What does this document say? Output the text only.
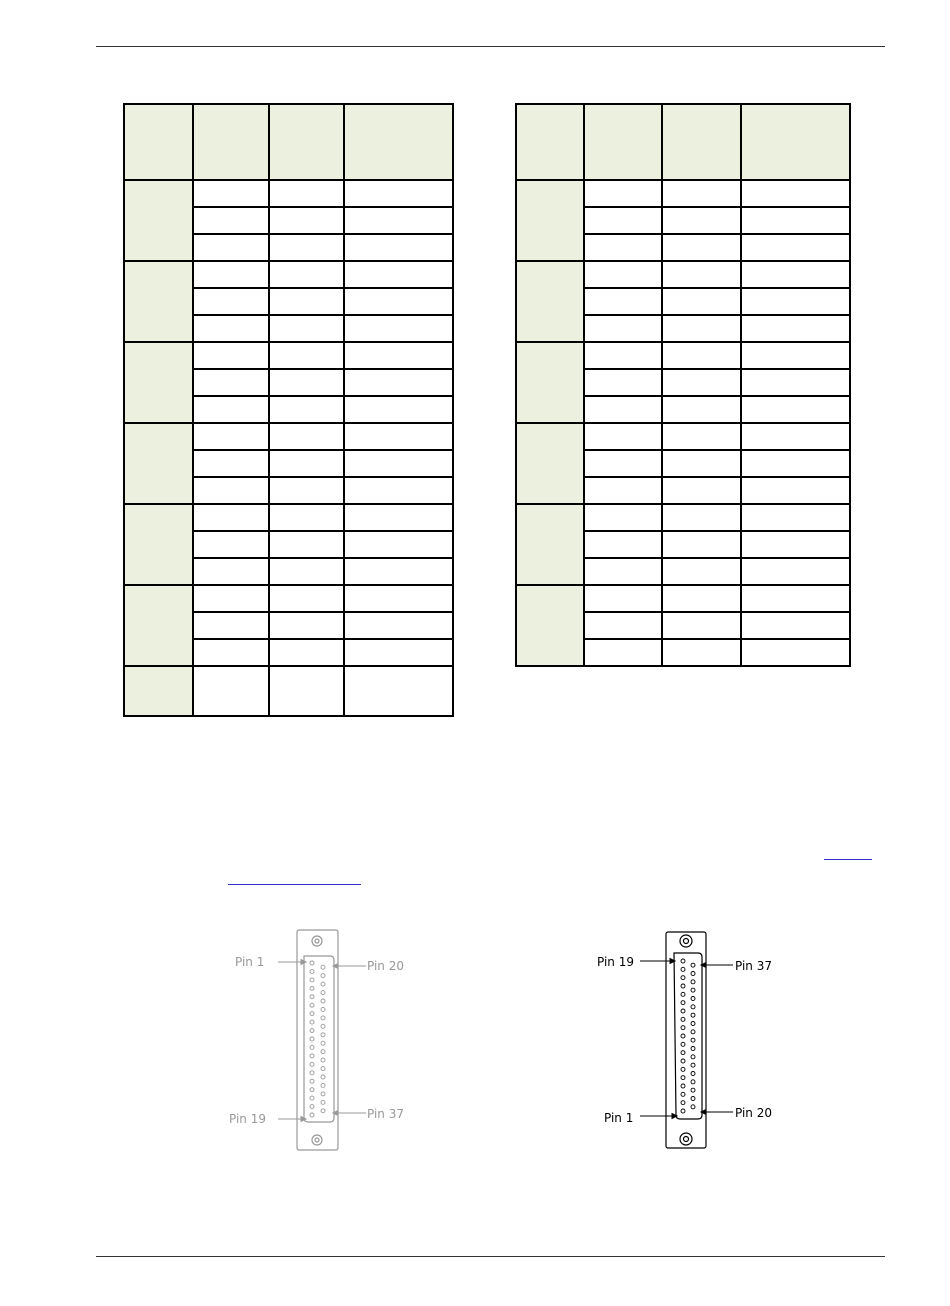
Pin 1	Pin 20
Pin 19	Pin 37
Pin 19	Pin 37
Pin 1	Pin 20
